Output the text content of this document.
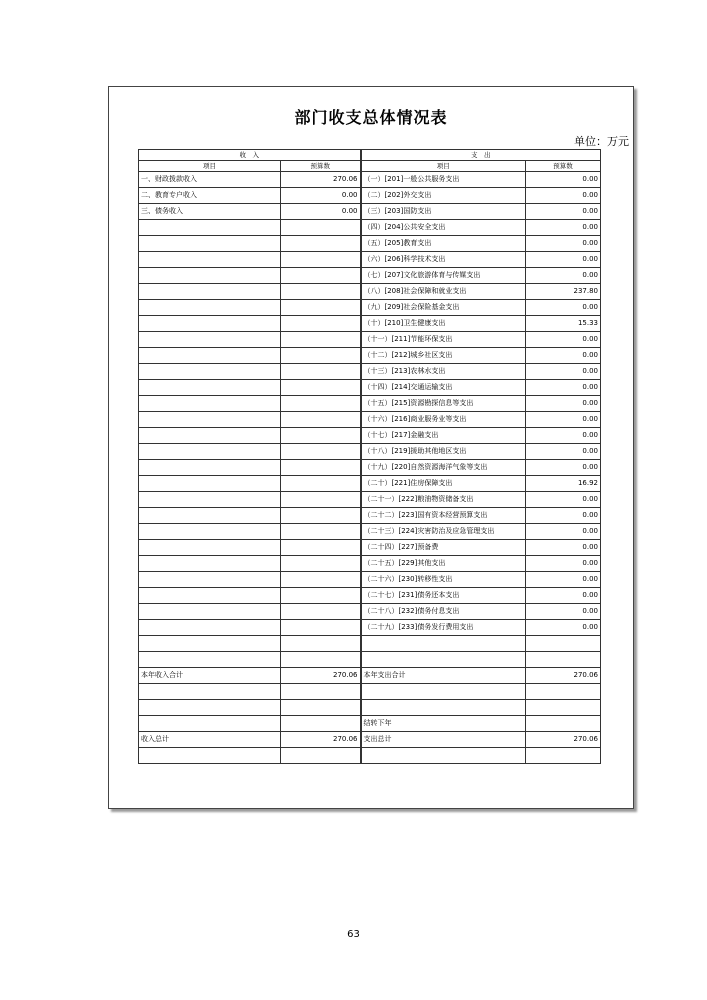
部门收支总体情况表
单位：万元
收　入		支　出	
项目	预算数	项目	预算数
一、财政拨款收入	270.06	（一）[201]一般公共服务支出	0.00
二、教育专户收入	0.00	（二）[202]外交支出	0.00
三、债务收入	0.00	（三）[203]国防支出	0.00
		（四）[204]公共安全支出	0.00
		（五）[205]教育支出	0.00
		（六）[206]科学技术支出	0.00
		（七）[207]文化旅游体育与传媒支出	0.00
		（八）[208]社会保障和就业支出	237.80
		（九）[209]社会保险基金支出	0.00
		（十）[210]卫生健康支出	15.33
		（十一）[211]节能环保支出	0.00
		（十二）[212]城乡社区支出	0.00
		（十三）[213]农林水支出	0.00
		（十四）[214]交通运输支出	0.00
		（十五）[215]资源勘探信息等支出	0.00
		（十六）[216]商业服务业等支出	0.00
		（十七）[217]金融支出	0.00
		（十八）[219]援助其他地区支出	0.00
		（十九）[220]自然资源海洋气象等支出	0.00
		（二十）[221]住房保障支出	16.92
		（二十一）[222]粮油物资储备支出	0.00
		（二十二）[223]国有资本经营预算支出	0.00
		（二十三）[224]灾害防治及应急管理支出	0.00
		（二十四）[227]预备费	0.00
		（二十五）[229]其他支出	0.00
		（二十六）[230]转移性支出	0.00
		（二十七）[231]债务还本支出	0.00
		（二十八）[232]债务付息支出	0.00
		（二十九）[233]债务发行费用支出	0.00

本年收入合计	270.06	本年支出合计	270.06

		结转下年	
收入总计	270.06	支出总计	270.06

63
